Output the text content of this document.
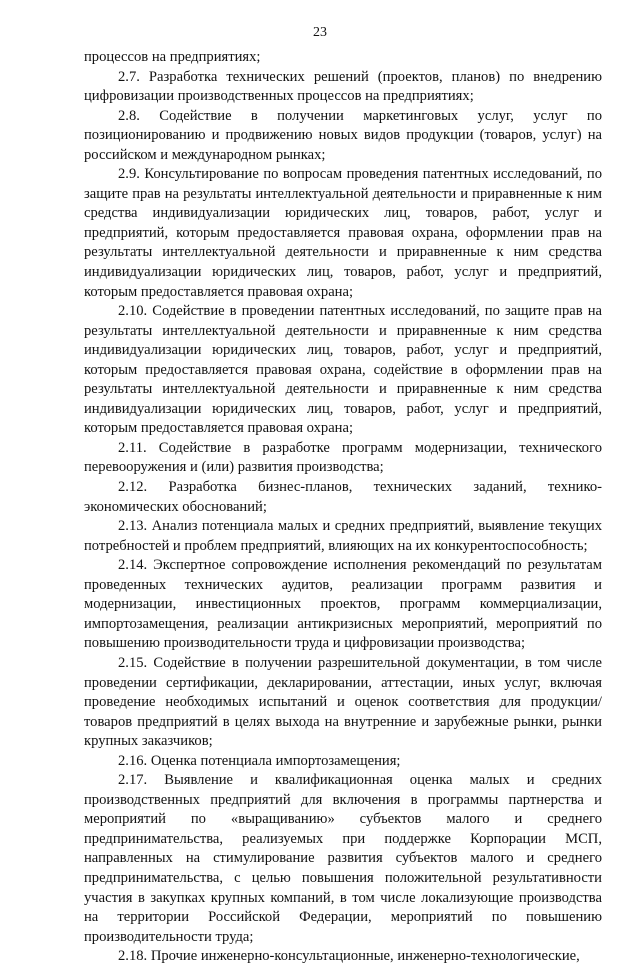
23

процессов на предприятиях;

2.7. Разработка технических решений (проектов, планов) по внедрению цифровизации производственных процессов на предприятиях;

2.8. Содействие в получении маркетинговых услуг, услуг по позиционированию и продвижению новых видов продукции (товаров, услуг) на российском и международном рынках;

2.9. Консультирование по вопросам проведения патентных исследований, по защите прав на результаты интеллектуальной деятельности и приравненные к ним средства индивидуализации юридических лиц, товаров, работ, услуг и предприятий, которым предоставляется правовая охрана, оформлении прав на результаты интеллектуальной деятельности и приравненные к ним средства индивидуализации юридических лиц, товаров, работ, услуг и предприятий, которым предоставляется правовая охрана;

2.10. Содействие в проведении патентных исследований, по защите прав на результаты интеллектуальной деятельности и приравненные к ним средства индивидуализации юридических лиц, товаров, работ, услуг и предприятий, которым предоставляется правовая охрана, содействие в оформлении прав на результаты интеллектуальной деятельности и приравненные к ним средства индивидуализации юридических лиц, товаров, работ, услуг и предприятий, которым предоставляется правовая охрана;

2.11. Содействие в разработке программ модернизации, технического перевооружения и (или) развития производства;

2.12. Разработка бизнес-планов, технических заданий, технико-экономических обоснований;

2.13. Анализ потенциала малых и средних предприятий, выявление текущих потребностей и проблем предприятий, влияющих на их конкурентоспособность;

2.14. Экспертное сопровождение исполнения рекомендаций по результатам проведенных технических аудитов, реализации программ развития и модернизации, инвестиционных проектов, программ коммерциализации, импортозамещения, реализации антикризисных мероприятий, мероприятий по повышению производительности труда и цифровизации производства;

2.15. Содействие в получении разрешительной документации, в том числе проведении сертификации, декларировании, аттестации, иных услуг, включая проведение необходимых испытаний и оценок соответствия для продукции/товаров предприятий в целях выхода на внутренние и зарубежные рынки, рынки крупных заказчиков;

2.16. Оценка потенциала импортозамещения;

2.17. Выявление и квалификационная оценка малых и средних производственных предприятий для включения в программы партнерства и мероприятий по «выращиванию» субъектов малого и среднего предпринимательства, реализуемых при поддержке Корпорации МСП, направленных на стимулирование развития субъектов малого и среднего предпринимательства, с целью повышения положительной результативности участия в закупках крупных компаний, в том числе локализующие производства на территории Российской Федерации, мероприятий по повышению производительности труда;

2.18. Прочие инженерно-консультационные, инженерно-технологические,
